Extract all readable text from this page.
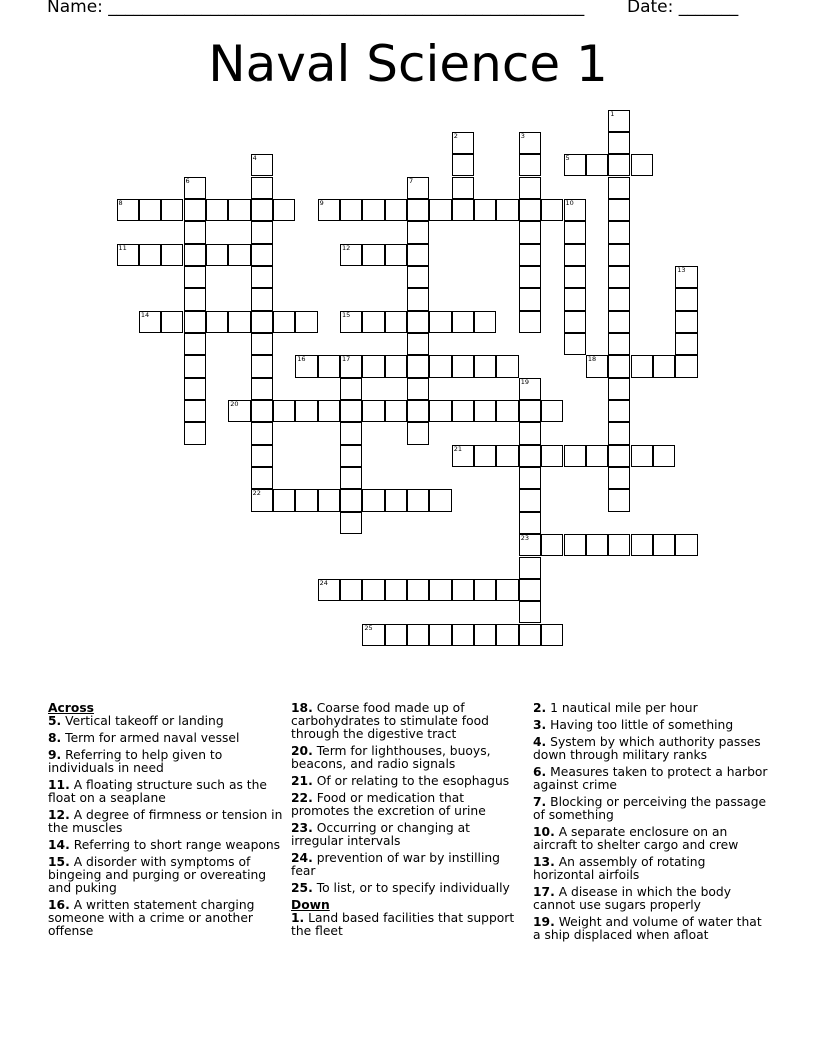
Name: ________________________________________________________	Date: _______
Naval Science 1
5
8	9	10
11	12
14	15
16	17	18
20
21
22
23
24
25
1
2	3
4
6	7
13
19
Across
5. Vertical takeoff or landing
8. Term for armed naval vessel
9. Referring to help given to individuals in need
11. A floating structure such as the float on a seaplane
12. A degree of firmness or tension in the muscles
14. Referring to short range weapons
15. A disorder with symptoms of bingeing and purging or overeating and puking
16. A written statement charging someone with a crime or another offense
18. Coarse food made up of carbohydrates to stimulate food through the digestive tract
20. Term for lighthouses, buoys, beacons, and radio signals
21. Of or relating to the esophagus
22. Food or medication that promotes the excretion of urine
23. Occurring or changing at irregular intervals
24. prevention of war by instilling fear
25. To list, or to specify individually
Down
1. Land based facilities that support the fleet
2. 1 nautical mile per hour
3. Having too little of something
4. System by which authority passes down through military ranks
6. Measures taken to protect a harbor against crime
7. Blocking or perceiving the passage of something
10. A separate enclosure on an aircraft to shelter cargo and crew
13. An assembly of rotating horizontal airfoils
17. A disease in which the body cannot use sugars properly
19. Weight and volume of water that a ship displaced when afloat
